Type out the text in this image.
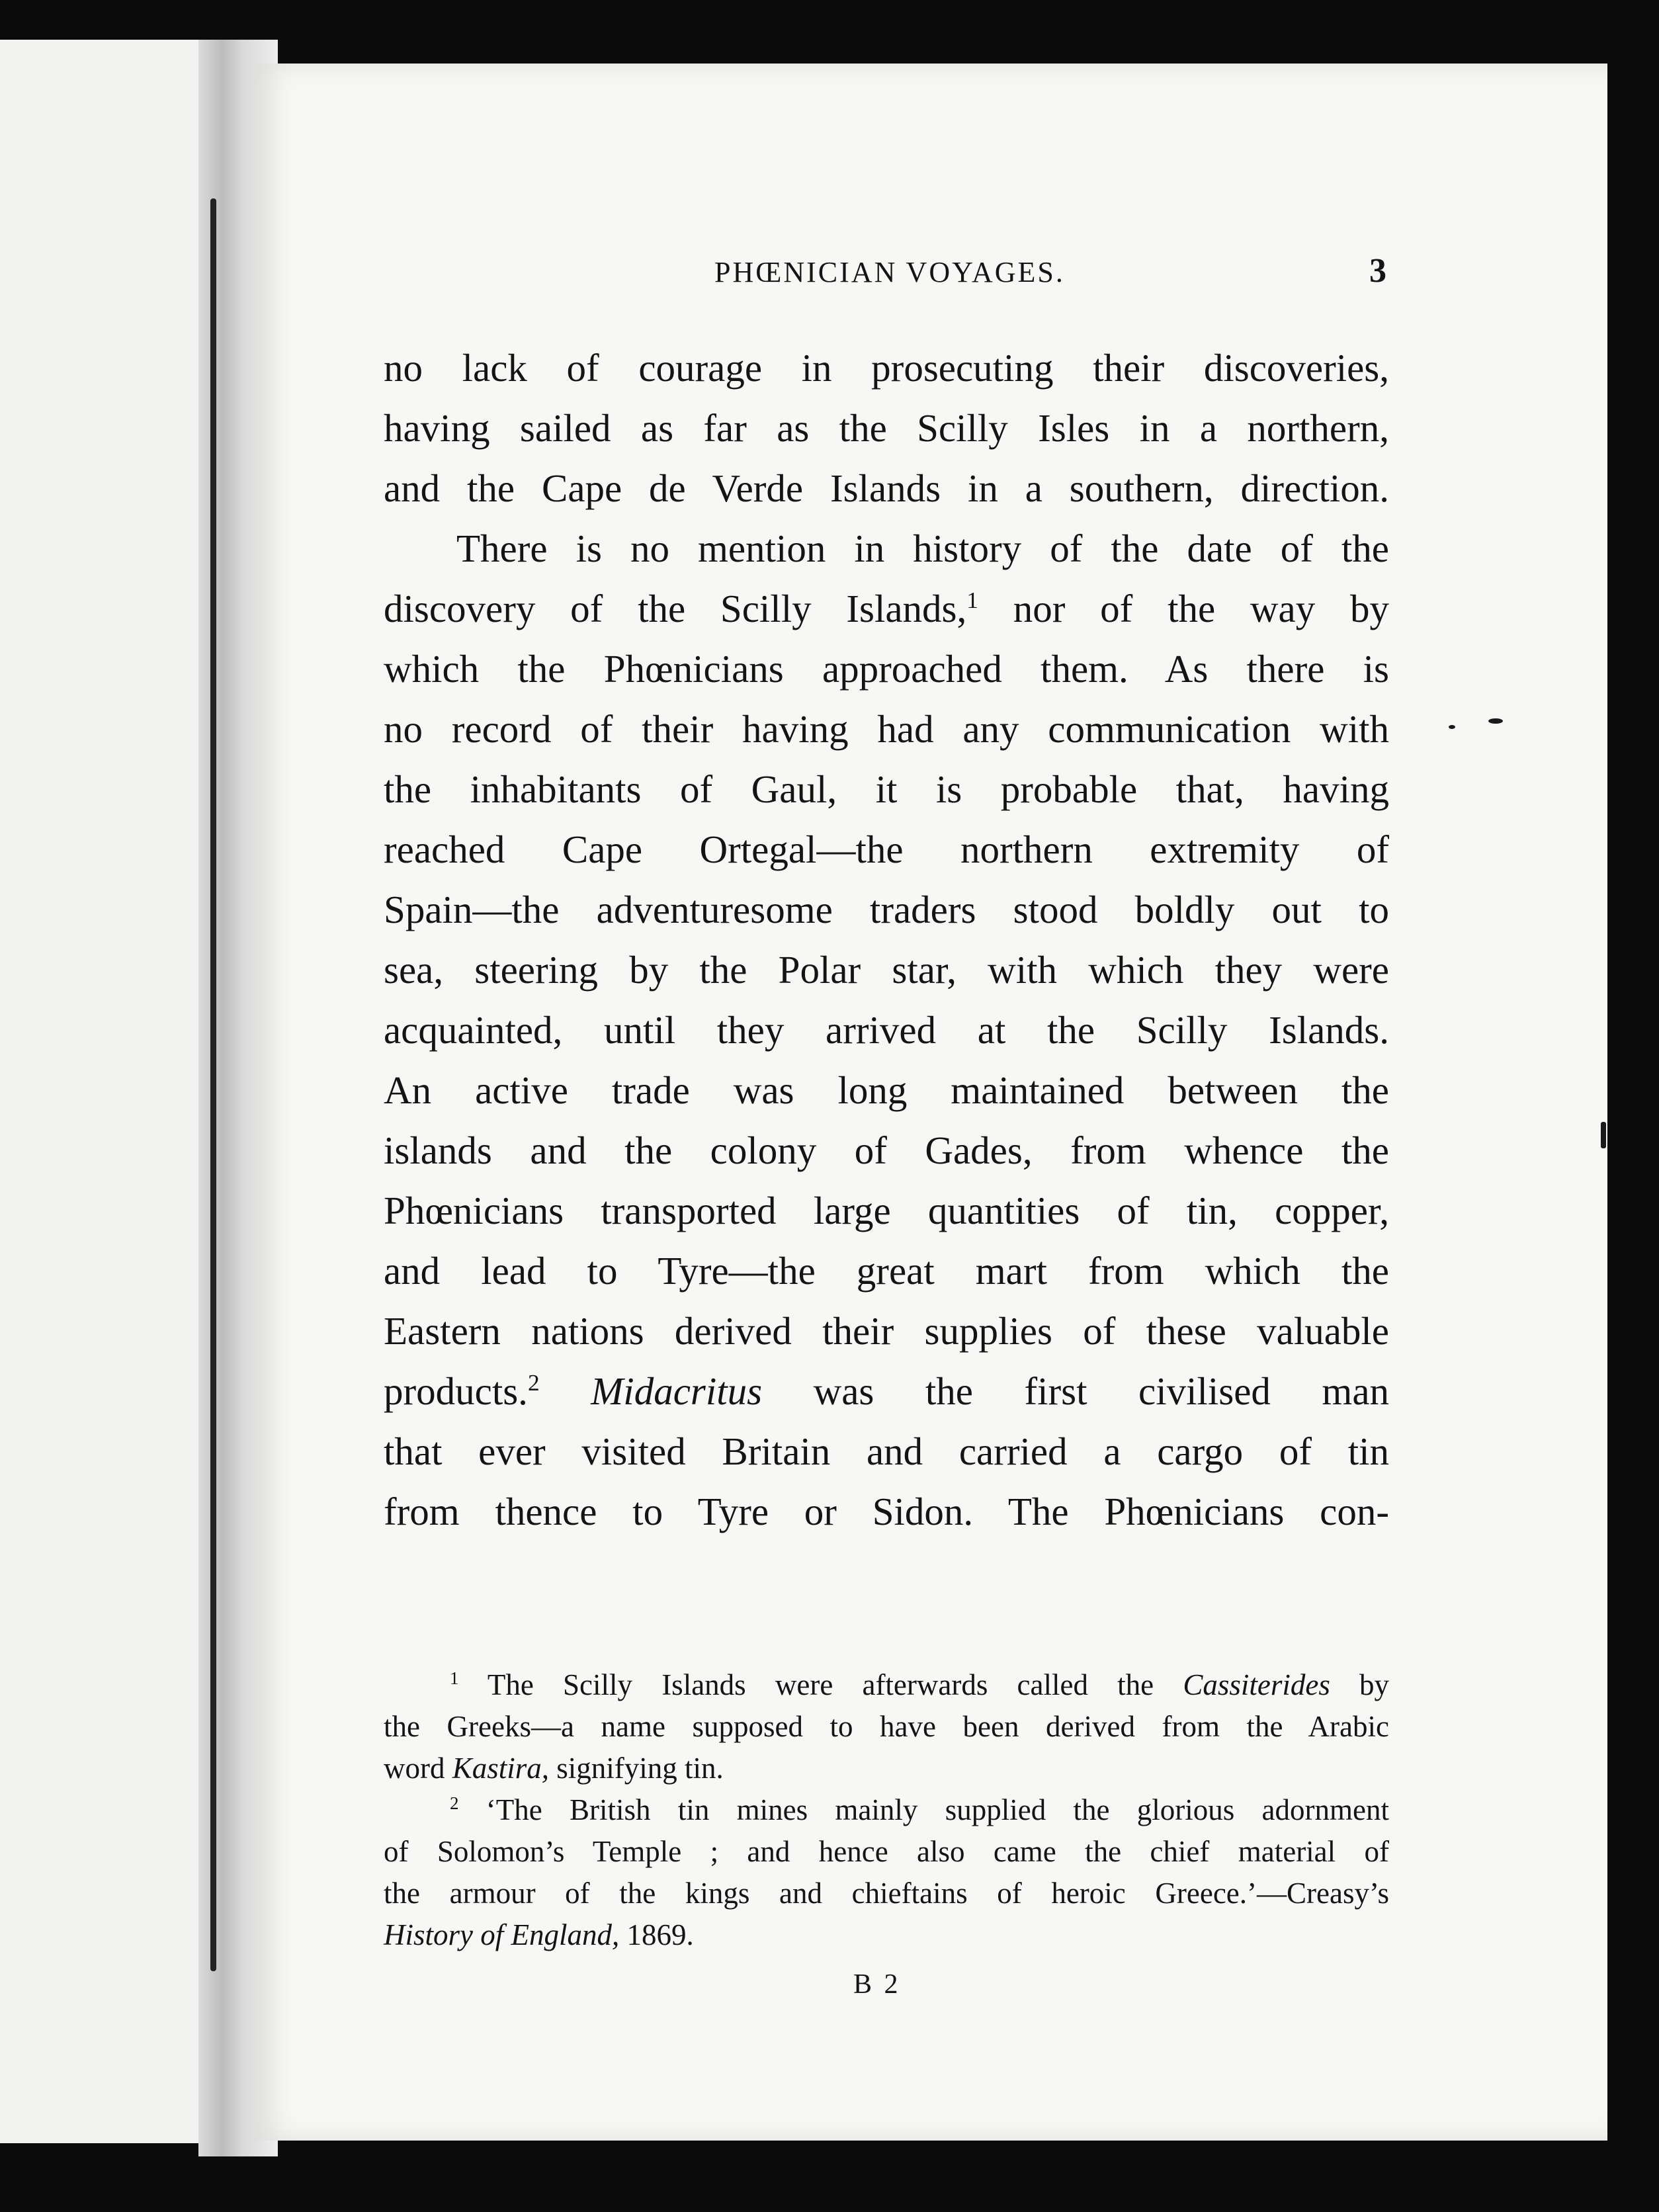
PHŒNICIAN VOYAGES.	3
no lack of courage in prosecuting their discoveries,
having sailed as far as the Scilly Isles in a northern,
and the Cape de Verde Islands in a southern, direction.
There is no mention in history of the date of the
discovery of the Scilly Islands,$^1$ nor of the way by
which the Phœnicians approached them. As there is
no record of their having had any communication with
the inhabitants of Gaul, it is probable that, having
reached Cape Ortegal—the northern extremity of
Spain—the adventuresome traders stood boldly out to
sea, steering by the Polar star, with which they were
acquainted, until they arrived at the Scilly Islands.
An active trade was long maintained between the
islands and the colony of Gades, from whence the
Phœnicians transported large quantities of tin, copper,
and lead to Tyre—the great mart from which the
Eastern nations derived their supplies of these valuable
products.$^2$ Midacritus was the first civilised man
that ever visited Britain and carried a cargo of tin
from thence to Tyre or Sidon. The Phœnicians con-
$^1$ The Scilly Islands were afterwards called the Cassiterides by
the Greeks—a name supposed to have been derived from the Arabic
word Kastira, signifying tin.
$^2$ ‘The British tin mines mainly supplied the glorious adornment
of Solomon’s Temple ; and hence also came the chief material of
the armour of the kings and chieftains of heroic Greece.’—Creasy’s
History of England, 1869.
B 2
